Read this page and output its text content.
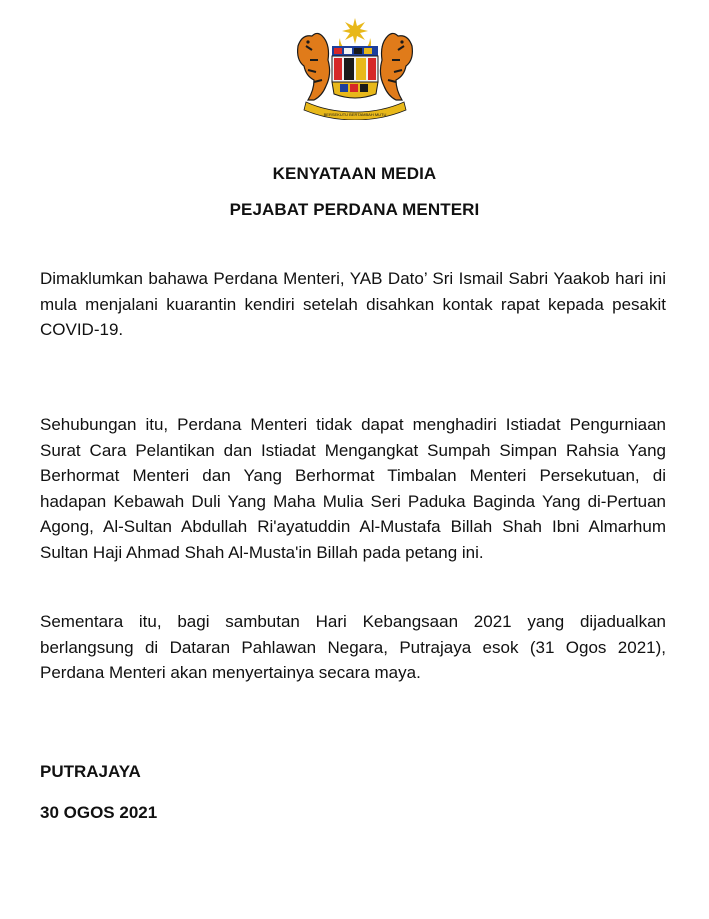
BERSEKUTU BERTAMBAH MUTU
KENYATAAN MEDIA
PEJABAT PERDANA MENTERI

Dimaklumkan bahawa Perdana Menteri, YAB Dato’ Sri Ismail Sabri Yaakob hari ini mula menjalani kuarantin kendiri setelah disahkan kontak rapat kepada pesakit COVID-19.

Sehubungan itu, Perdana Menteri tidak dapat menghadiri Istiadat Pengurniaan Surat Cara Pelantikan dan Istiadat Mengangkat Sumpah Simpan Rahsia Yang Berhormat Menteri dan Yang Berhormat Timbalan Menteri Persekutuan, di hadapan Kebawah Duli Yang Maha Mulia Seri Paduka Baginda Yang di-Pertuan Agong, Al-Sultan Abdullah Ri'ayatuddin Al-Mustafa Billah Shah Ibni Almarhum Sultan Haji Ahmad Shah Al-Musta'in Billah pada petang ini.

Sementara itu, bagi sambutan Hari Kebangsaan 2021 yang dijadualkan berlangsung di Dataran Pahlawan Negara, Putrajaya esok (31 Ogos 2021), Perdana Menteri akan menyertainya secara maya.

PUTRAJAYA
30 OGOS 2021
